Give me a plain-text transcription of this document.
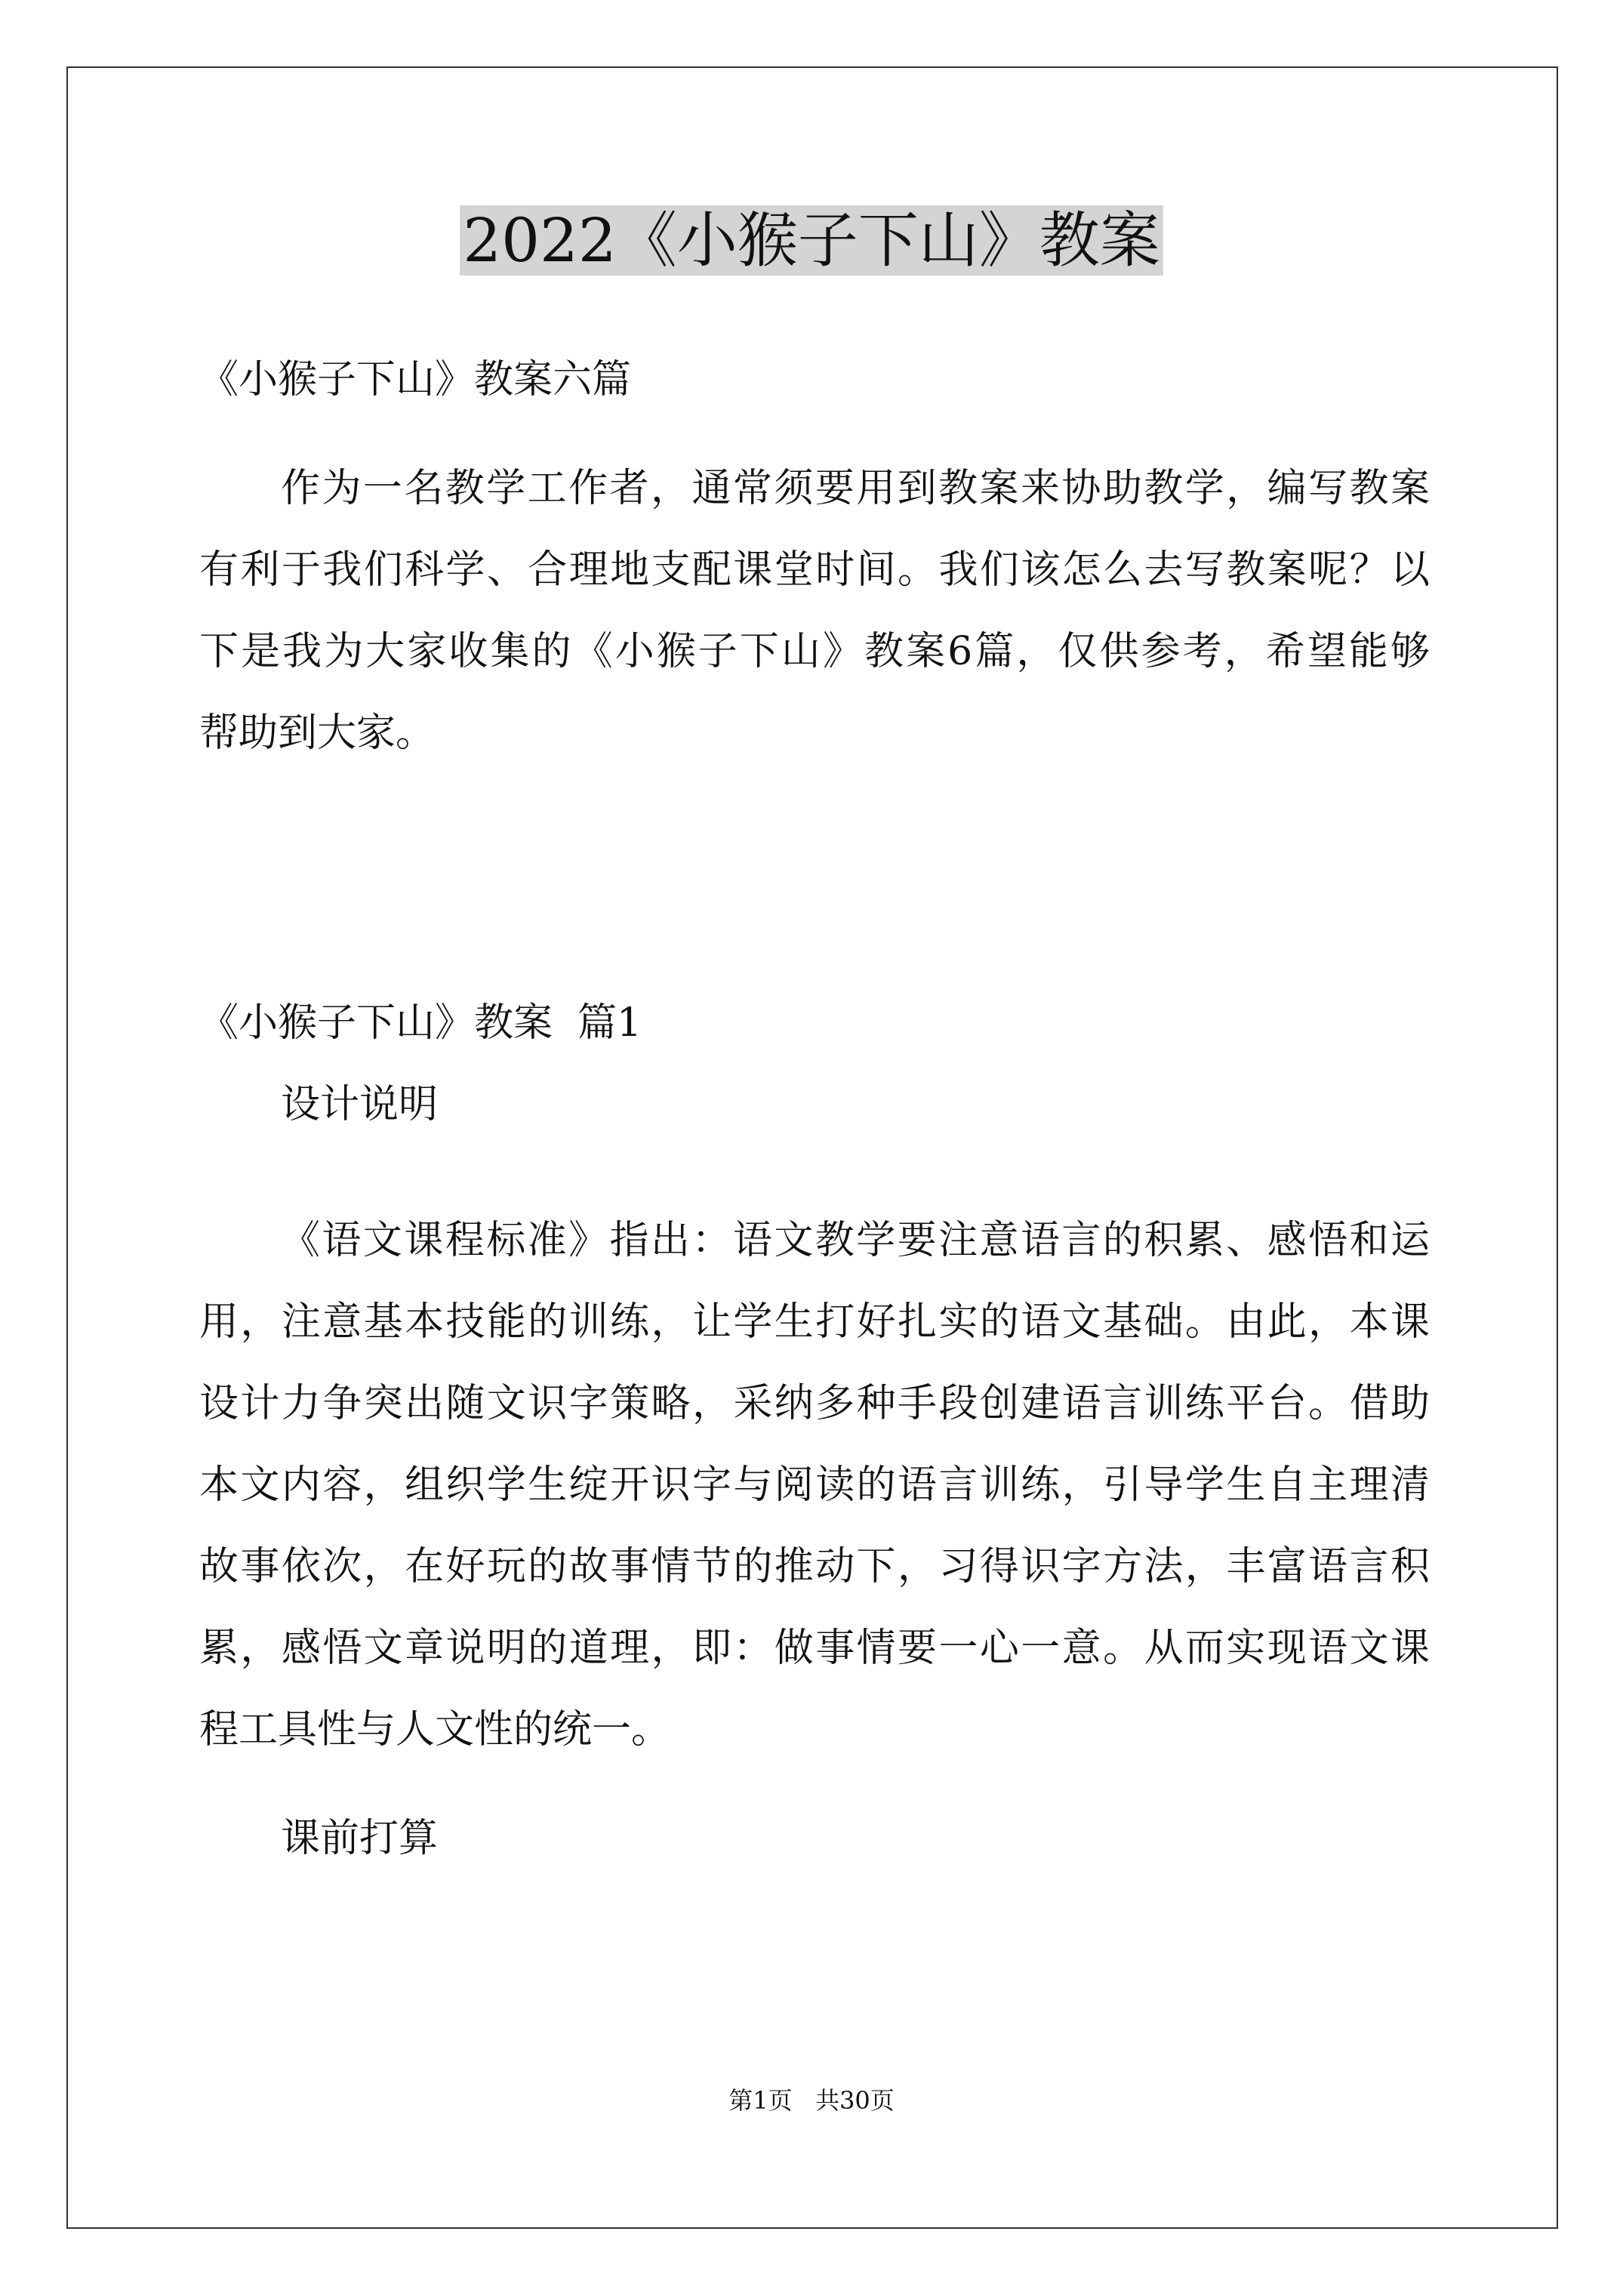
2022《小猴子下山》教案
《小猴子下山》教案六篇
作为一名教学工作者，通常须要用到教案来协助教学，编写教案
有利于我们科学、合理地支配课堂时间。我们该怎么去写教案呢？以
下是我为大家收集的《小猴子下山》教案6篇，仅供参考，希望能够
帮助到大家。
《小猴子下山》教案  篇1
设计说明
《语文课程标准》指出：语文教学要注意语言的积累、感悟和运
用，注意基本技能的训练，让学生打好扎实的语文基础。由此，本课
设计力争突出随文识字策略，采纳多种手段创建语言训练平台。借助
本文内容，组织学生绽开识字与阅读的语言训练，引导学生自主理清
故事依次，在好玩的故事情节的推动下，习得识字方法，丰富语言积
累，感悟文章说明的道理，即：做事情要一心一意。从而实现语文课
程工具性与人文性的统一。
课前打算
第1页   共30页
